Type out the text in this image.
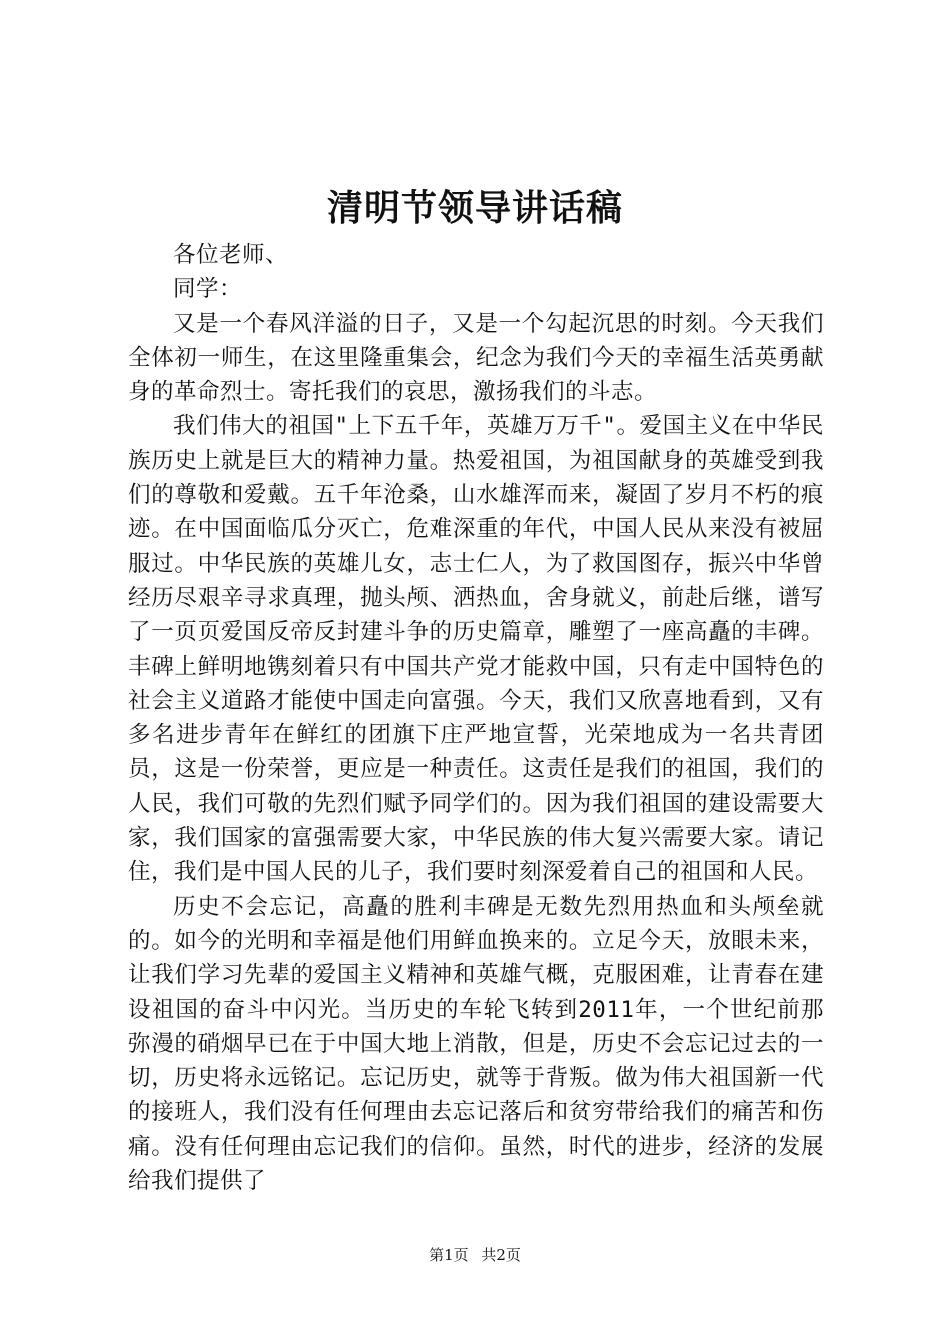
清明节领导讲话稿

各位老师、

同学：

又是一个春风洋溢的日子，又是一个勾起沉思的时刻。今天我们全体初一师生，在这里隆重集会，纪念为我们今天的幸福生活英勇献身的革命烈士。寄托我们的哀思，激扬我们的斗志。

我们伟大的祖国"上下五千年，英雄万万千"。爱国主义在中华民族历史上就是巨大的精神力量。热爱祖国，为祖国献身的英雄受到我们的尊敬和爱戴。五千年沧桑，山水雄浑而来，凝固了岁月不朽的痕迹。在中国面临瓜分灭亡，危难深重的年代，中国人民从来没有被屈服过。中华民族的英雄儿女，志士仁人，为了救国图存，振兴中华曾经历尽艰辛寻求真理，抛头颅、洒热血，舍身就义，前赴后继，谱写了一页页爱国反帝反封建斗争的历史篇章，雕塑了一座高矗的丰碑。丰碑上鲜明地镌刻着只有中国共产党才能救中国，只有走中国特色的社会主义道路才能使中国走向富强。今天，我们又欣喜地看到，又有多名进步青年在鲜红的团旗下庄严地宣誓，光荣地成为一名共青团员，这是一份荣誉，更应是一种责任。这责任是我们的祖国，我们的人民，我们可敬的先烈们赋予同学们的。因为我们祖国的建设需要大家，我们国家的富强需要大家，中华民族的伟大复兴需要大家。请记住，我们是中国人民的儿子，我们要时刻深爱着自己的祖国和人民。

历史不会忘记，高矗的胜利丰碑是无数先烈用热血和头颅垒就的。如今的光明和幸福是他们用鲜血换来的。立足今天，放眼未来，让我们学习先辈的爱国主义精神和英雄气概，克服困难，让青春在建设祖国的奋斗中闪光。当历史的车轮飞转到2011年，一个世纪前那弥漫的硝烟早已在于中国大地上消散，但是，历史不会忘记过去的一切，历史将永远铭记。忘记历史，就等于背叛。做为伟大祖国新一代的接班人，我们没有任何理由去忘记落后和贫穷带给我们的痛苦和伤痛。没有任何理由忘记我们的信仰。虽然，时代的进步，经济的发展给我们提供了

第1页 共2页
